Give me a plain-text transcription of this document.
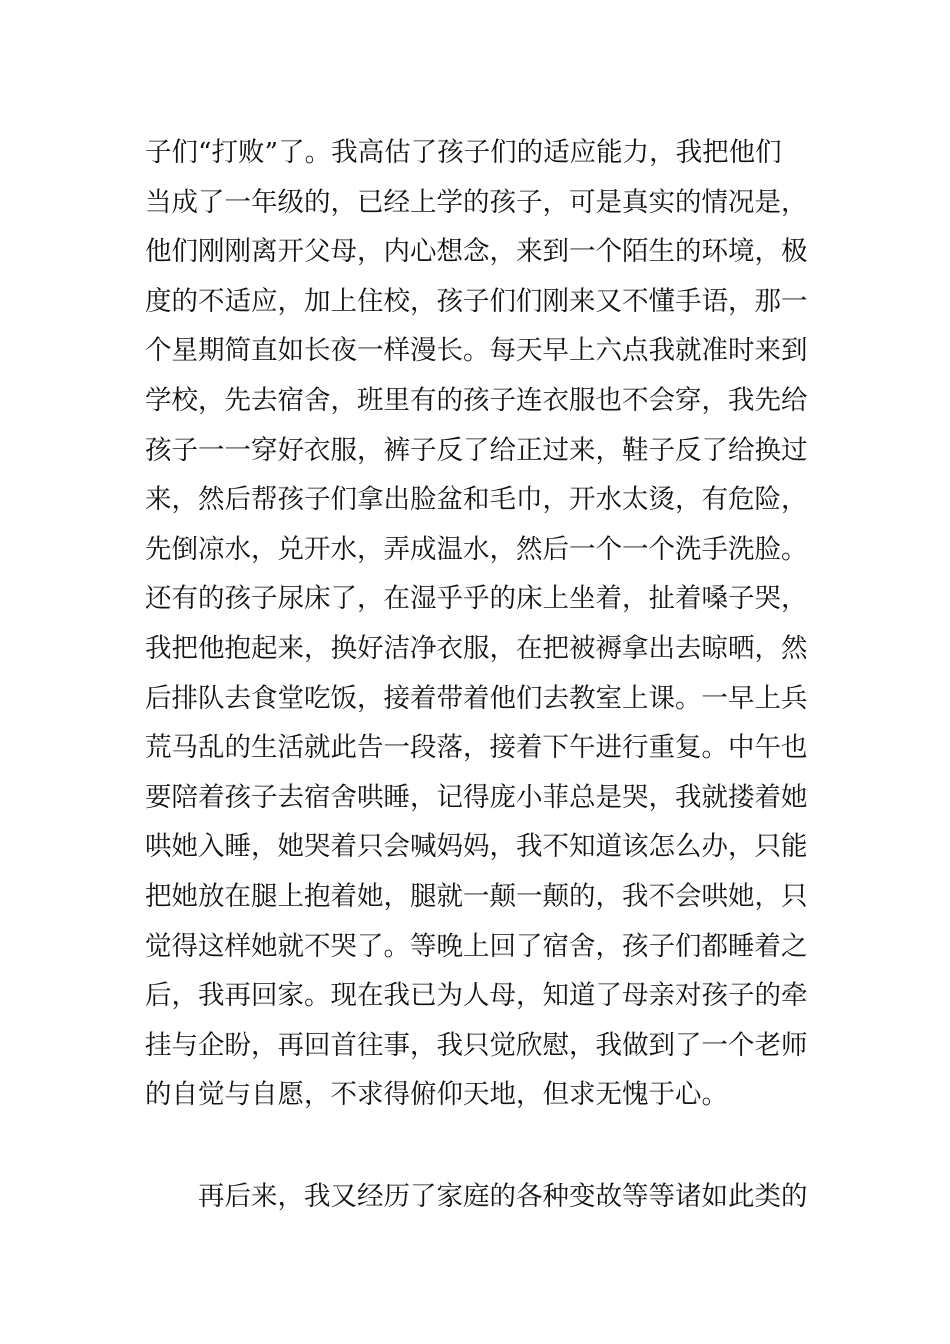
子们“打败”了。我高估了孩子们的适应能力，我把他们
当成了一年级的，已经上学的孩子，可是真实的情况是，
他们刚刚离开父母，内心想念，来到一个陌生的环境，极
度的不适应，加上住校，孩子们们刚来又不懂手语，那一
个星期简直如长夜一样漫长。每天早上六点我就准时来到
学校，先去宿舍，班里有的孩子连衣服也不会穿，我先给
孩子一一穿好衣服，裤子反了给正过来，鞋子反了给换过
来，然后帮孩子们拿出脸盆和毛巾，开水太烫，有危险，
先倒凉水，兑开水，弄成温水，然后一个一个洗手洗脸。
还有的孩子尿床了，在湿乎乎的床上坐着，扯着嗓子哭，
我把他抱起来，换好洁净衣服，在把被褥拿出去晾晒，然
后排队去食堂吃饭，接着带着他们去教室上课。一早上兵
荒马乱的生活就此告一段落，接着下午进行重复。中午也
要陪着孩子去宿舍哄睡，记得庞小菲总是哭，我就搂着她
哄她入睡，她哭着只会喊妈妈，我不知道该怎么办，只能
把她放在腿上抱着她，腿就一颠一颠的，我不会哄她，只
觉得这样她就不哭了。等晚上回了宿舍，孩子们都睡着之
后，我再回家。现在我已为人母，知道了母亲对孩子的牵
挂与企盼，再回首往事，我只觉欣慰，我做到了一个老师
的自觉与自愿，不求得俯仰天地，但求无愧于心。
再后来，我又经历了家庭的各种变故等等诸如此类的
